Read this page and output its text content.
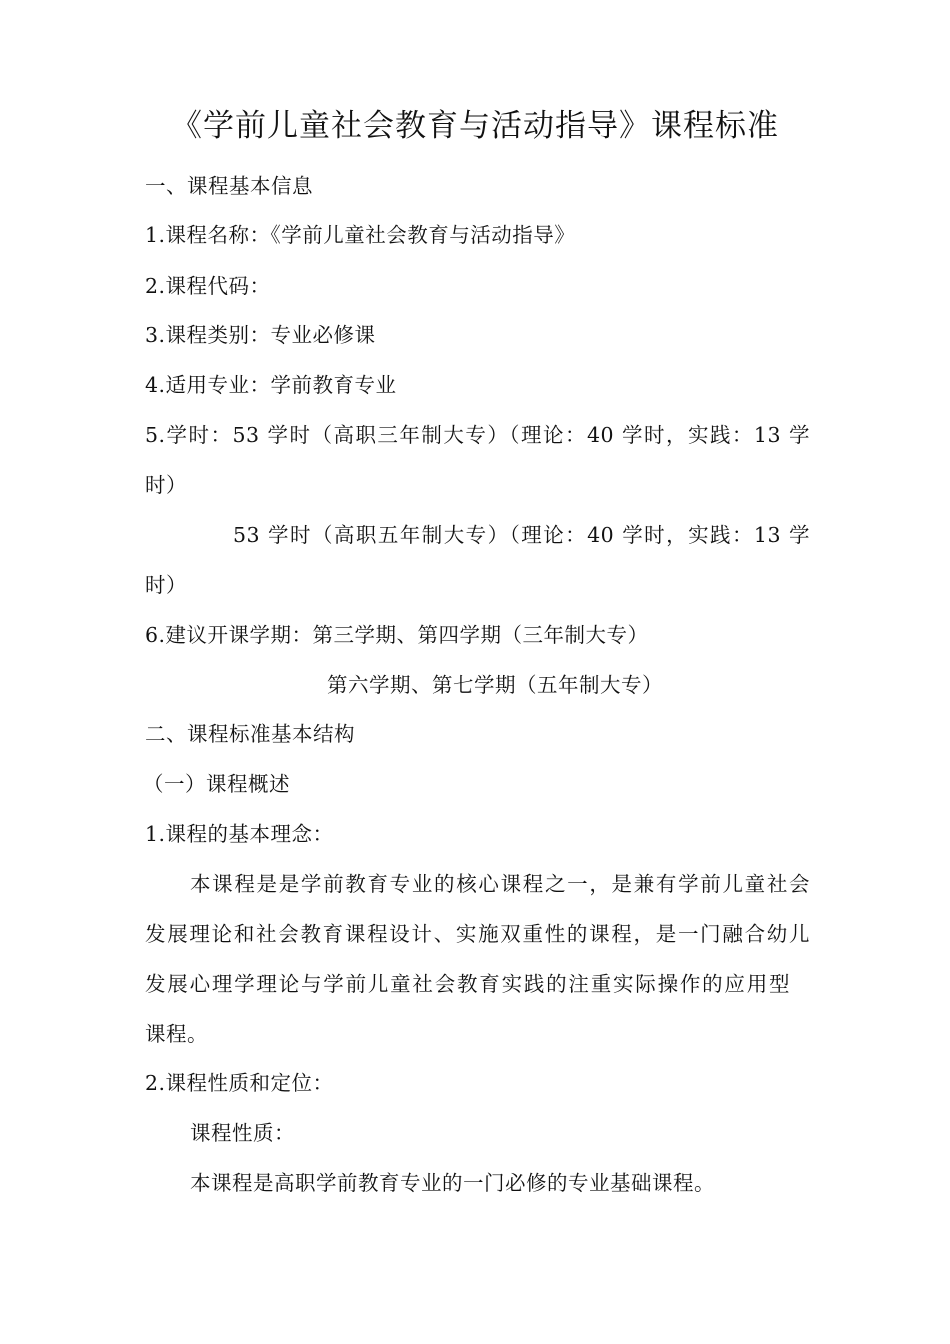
《学前儿童社会教育与活动指导》课程标准
一、课程基本信息
1.课程名称：《学前儿童社会教育与活动指导》
2.课程代码：
3.课程类别：专业必修课
4.适用专业：学前教育专业
5.学时：53 学时（高职三年制大专）（理论：40 学时，实践：13 学
时）
53 学时（高职五年制大专）（理论：40 学时，实践：13 学
时）
6.建议开课学期：第三学期、第四学期（三年制大专）
第六学期、第七学期（五年制大专）
二、课程标准基本结构
（一）课程概述
1.课程的基本理念：
本课程是是学前教育专业的核心课程之一，是兼有学前儿童社会
发展理论和社会教育课程设计、实施双重性的课程，是一门融合幼儿
发展心理学理论与学前儿童社会教育实践的注重实际操作的应用型
课程。
2.课程性质和定位：
课程性质：
本课程是高职学前教育专业的一门必修的专业基础课程。
